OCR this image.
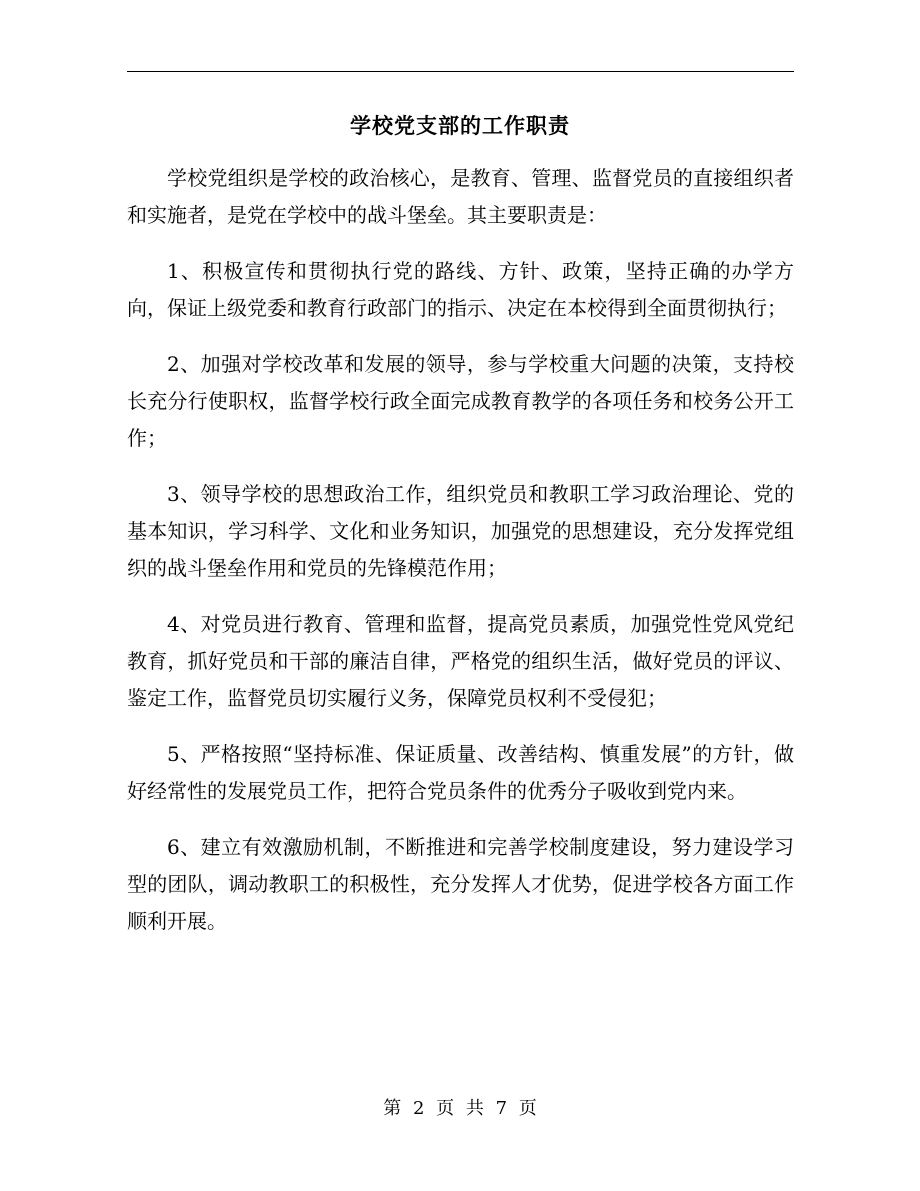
学校党支部的工作职责

学校党组织是学校的政治核心，是教育、管理、监督党员的直接组织者和实施者，是党在学校中的战斗堡垒。其主要职责是：

1、积极宣传和贯彻执行党的路线、方针、政策，坚持正确的办学方向，保证上级党委和教育行政部门的指示、决定在本校得到全面贯彻执行；

2、加强对学校改革和发展的领导，参与学校重大问题的决策，支持校长充分行使职权，监督学校行政全面完成教育教学的各项任务和校务公开工作；

3、领导学校的思想政治工作，组织党员和教职工学习政治理论、党的基本知识，学习科学、文化和业务知识，加强党的思想建设，充分发挥党组织的战斗堡垒作用和党员的先锋模范作用；

4、对党员进行教育、管理和监督，提高党员素质，加强党性党风党纪教育，抓好党员和干部的廉洁自律，严格党的组织生活，做好党员的评议、鉴定工作，监督党员切实履行义务，保障党员权利不受侵犯；

5、严格按照“坚持标准、保证质量、改善结构、慎重发展”的方针，做好经常性的发展党员工作，把符合党员条件的优秀分子吸收到党内来。

6、建立有效激励机制，不断推进和完善学校制度建设，努力建设学习型的团队，调动教职工的积极性，充分发挥人才优势，促进学校各方面工作顺利开展。

第 2 页 共 7 页
